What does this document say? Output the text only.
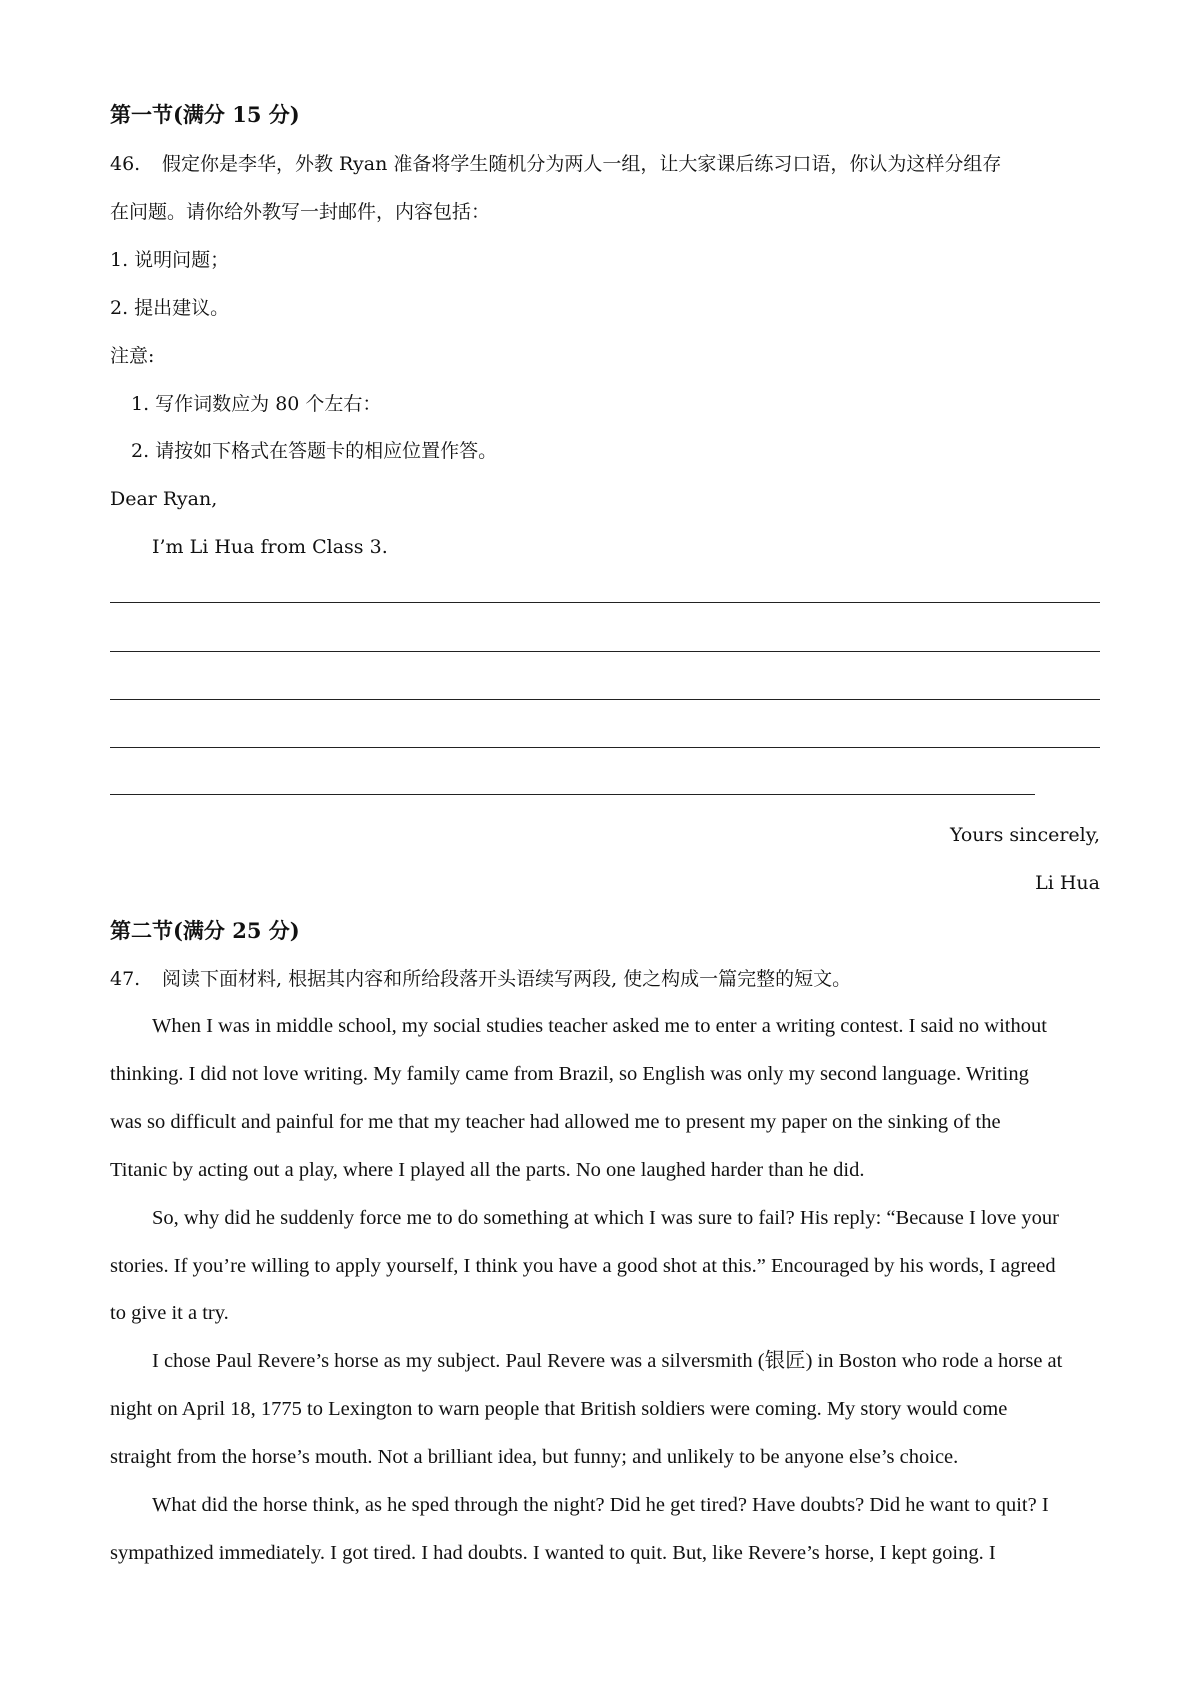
第一节(满分 15 分)
46. 假定你是李华，外教 Ryan 准备将学生随机分为两人一组，让大家课后练习口语，你认为这样分组存
在问题。请你给外教写一封邮件，内容包括：
1. 说明问题；
2. 提出建议。
注意:
1. 写作词数应为 80 个左右：
2. 请按如下格式在答题卡的相应位置作答。
Dear Ryan,
I’m Li Hua from Class 3.
Yours sincerely,
Li Hua
第二节(满分 25 分)
47. 阅读下面材料, 根据其内容和所给段落开头语续写两段, 使之构成一篇完整的短文。
When I was in middle school, my social studies teacher asked me to enter a writing contest. I said no without
thinking. I did not love writing. My family came from Brazil, so English was only my second language. Writing
was so difficult and painful for me that my teacher had allowed me to present my paper on the sinking of the
Titanic by acting out a play, where I played all the parts. No one laughed harder than he did.
So, why did he suddenly force me to do something at which I was sure to fail? His reply: “Because I love your
stories. If you’re willing to apply yourself, I think you have a good shot at this.” Encouraged by his words, I agreed
to give it a try.
I chose Paul Revere’s horse as my subject. Paul Revere was a silversmith (银匠) in Boston who rode a horse at
night on April 18, 1775 to Lexington to warn people that British soldiers were coming. My story would come
straight from the horse’s mouth. Not a brilliant idea, but funny; and unlikely to be anyone else’s choice.
What did the horse think, as he sped through the night? Did he get tired? Have doubts? Did he want to quit? I
sympathized immediately. I got tired. I had doubts. I wanted to quit. But, like Revere’s horse, I kept going. I
